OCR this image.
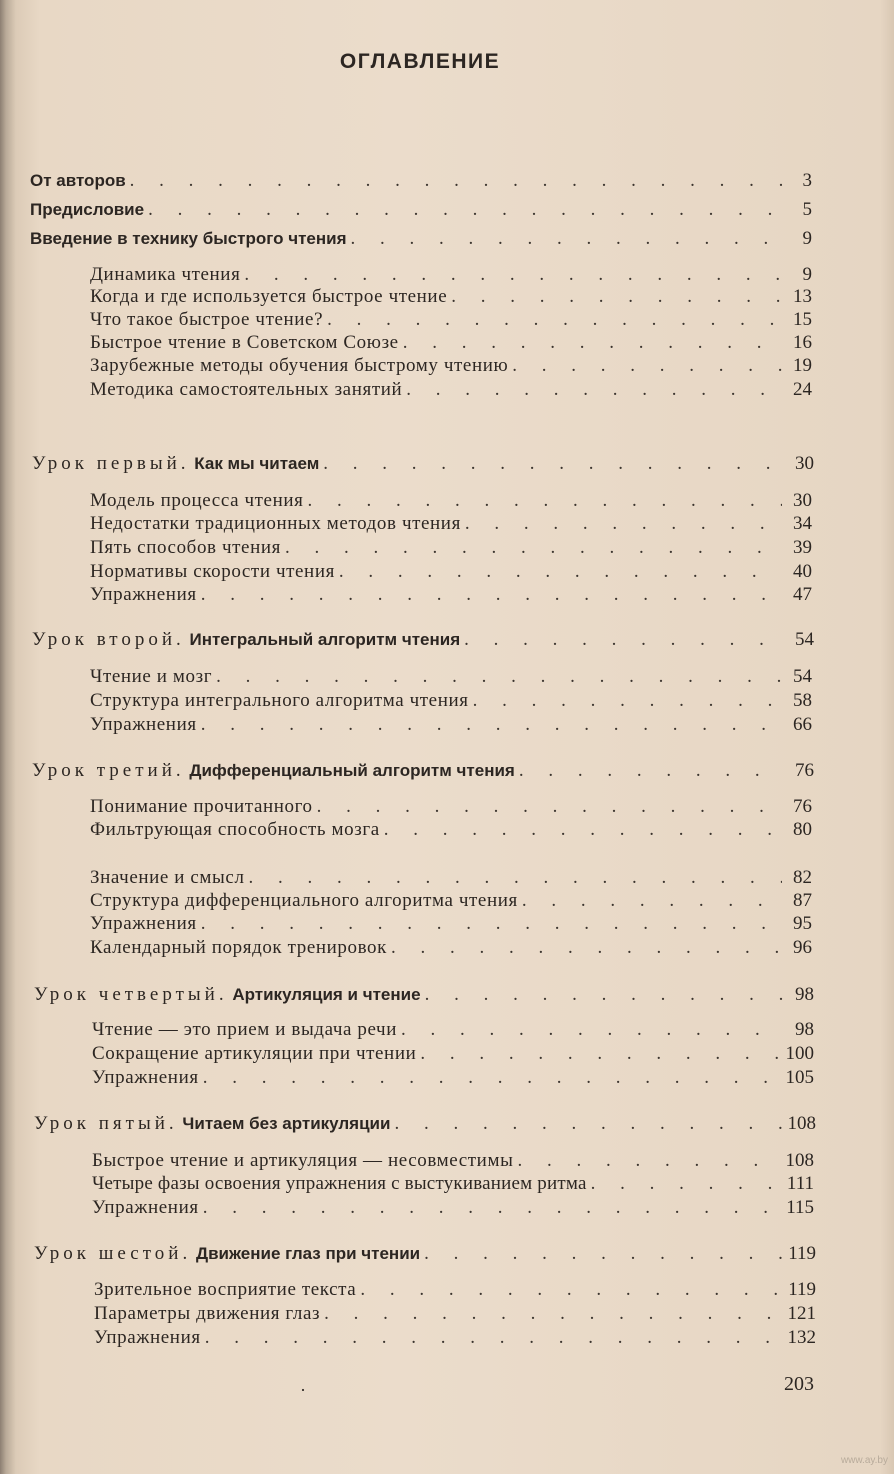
ОГЛАВЛЕНИЕ
От авторов . . .	3
Предисловие . . .	5
Введение в технику быстрого чтения . . .	9
Динамика чтения . . .	9
Когда и где используется быстрое чтение . . .	13
Что такое быстрое чтение? . . .	15
Быстрое чтение в Советском Союзе . . .	16
Зарубежные методы обучения быстрому чтению . . .	19
Методика самостоятельных занятий . . .	24
Урок первый. Как мы читаем . . .	30
Модель процесса чтения . . .	30
Недостатки традиционных методов чтения . . .	34
Пять способов чтения . . .	39
Нормативы скорости чтения . . .	40
Упражнения . . .	47
Урок второй. Интегральный алгоритм чтения . . .	54
Чтение и мозг . . .	54
Структура интегрального алгоритма чтения . . .	58
Упражнения . . .	66
Урок третий. Дифференциальный алгоритм чтения . . .	76
Понимание прочитанного . . .	76
Фильтрующая способность мозга . . .	80
Значение и смысл . . .	82
Структура дифференциального алгоритма чтения . . .	87
Упражнения . . .	95
Календарный порядок тренировок . . .	96
Урок четвертый. Артикуляция и чтение . . .	98
Чтение — это прием и выдача речи . . .	98
Сокращение артикуляции при чтении . . .	100
Упражнения . . .	105
Урок пятый. Читаем без артикуляции . . .	108
Быстрое чтение и артикуляция — несовместимы . . .	108
Четыре фазы освоения упражнения с выстукиванием ритма . . .	111
Упражнения . . .	115
Урок шестой. Движение глаз при чтении . . .	119
Зрительное восприятие текста . . .	119
Параметры движения глаз . . .	121
Упражнения . . .	132
·	203
www.ay.by
